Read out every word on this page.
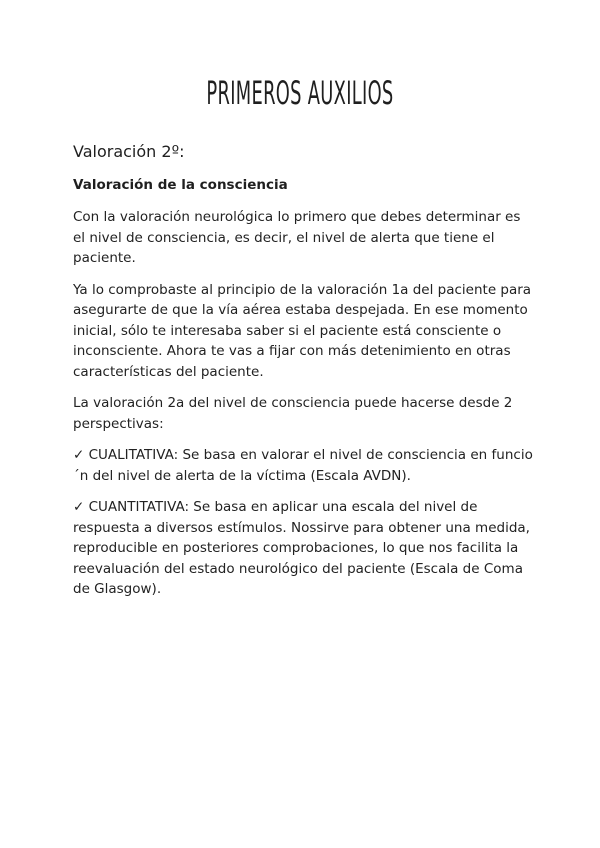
PRIMEROS AUXILIOS
Valoración 2º:
Valoración de la consciencia

Con la valoración neurológica lo primero que debes determinar es el nivel de consciencia, es decir, el nivel de alerta que tiene el paciente.

Ya lo comprobaste al principio de la valoración 1a del paciente para asegurarte de que la vía aérea estaba despejada. En ese momento inicial, sólo te interesaba saber si el paciente está consciente o inconsciente. Ahora te vas a fijar con más detenimiento en otras características del paciente.

La valoración 2a del nivel de consciencia puede hacerse desde 2 perspectivas:

✓ CUALITATIVA: Se basa en valorar el nivel de consciencia en funcio´n del nivel de alerta de la víctima (Escala AVDN).

✓ CUANTITATIVA: Se basa en aplicar una escala del nivel de respuesta a diversos estímulos. Nossirve para obtener una medida, reproducible en posteriores comprobaciones, lo que nos facilita la reevaluación del estado neurológico del paciente (Escala de Coma de Glasgow).
